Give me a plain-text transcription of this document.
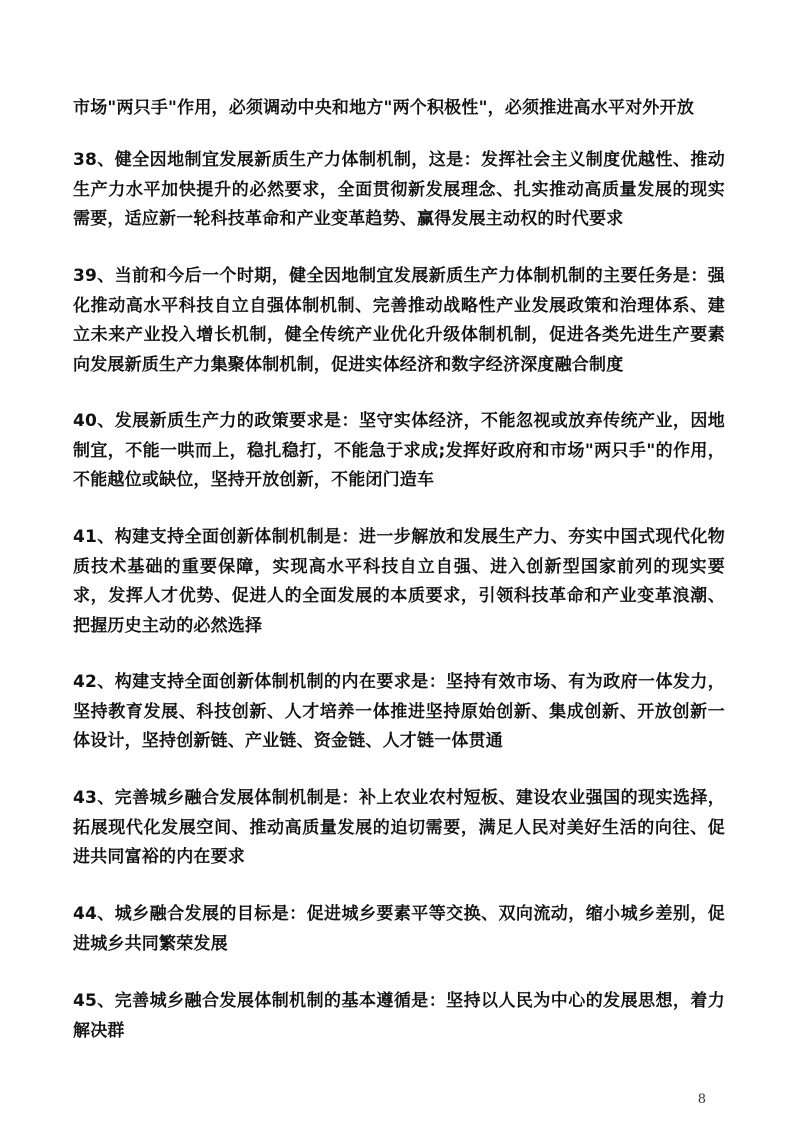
市场"两只手"作用，必须调动中央和地方"两个积极性"，必须推进高水平对外开放
38、健全因地制宜发展新质生产力体制机制，这是：发挥社会主义制度优越性、推动生产力水平加快提升的必然要求，全面贯彻新发展理念、扎实推动高质量发展的现实需要，适应新一轮科技革命和产业变革趋势、赢得发展主动权的时代要求
39、当前和今后一个时期，健全因地制宜发展新质生产力体制机制的主要任务是：强化推动高水平科技自立自强体制机制、完善推动战略性产业发展政策和治理体系、建立未来产业投入增长机制，健全传统产业优化升级体制机制，促进各类先进生产要素向发展新质生产力集聚体制机制，促进实体经济和数字经济深度融合制度
40、发展新质生产力的政策要求是：坚守实体经济，不能忽视或放弃传统产业，因地制宜，不能一哄而上，稳扎稳打，不能急于求成;发挥好政府和市场"两只手"的作用，不能越位或缺位，坚持开放创新，不能闭门造车
41、构建支持全面创新体制机制是：进一步解放和发展生产力、夯实中国式现代化物质技术基础的重要保障，实现高水平科技自立自强、进入创新型国家前列的现实要求，发挥人才优势、促进人的全面发展的本质要求，引领科技革命和产业变革浪潮、把握历史主动的必然选择
42、构建支持全面创新体制机制的内在要求是：坚持有效市场、有为政府一体发力，坚持教育发展、科技创新、人才培养一体推进坚持原始创新、集成创新、开放创新一体设计，坚持创新链、产业链、资金链、人才链一体贯通
43、完善城乡融合发展体制机制是：补上农业农村短板、建设农业强国的现实选择，拓展现代化发展空间、推动高质量发展的迫切需要，满足人民对美好生活的向往、促进共同富裕的内在要求
44、城乡融合发展的目标是：促进城乡要素平等交换、双向流动，缩小城乡差别，促进城乡共同繁荣发展
45、完善城乡融合发展体制机制的基本遵循是：坚持以人民为中心的发展思想，着力解决群
8
